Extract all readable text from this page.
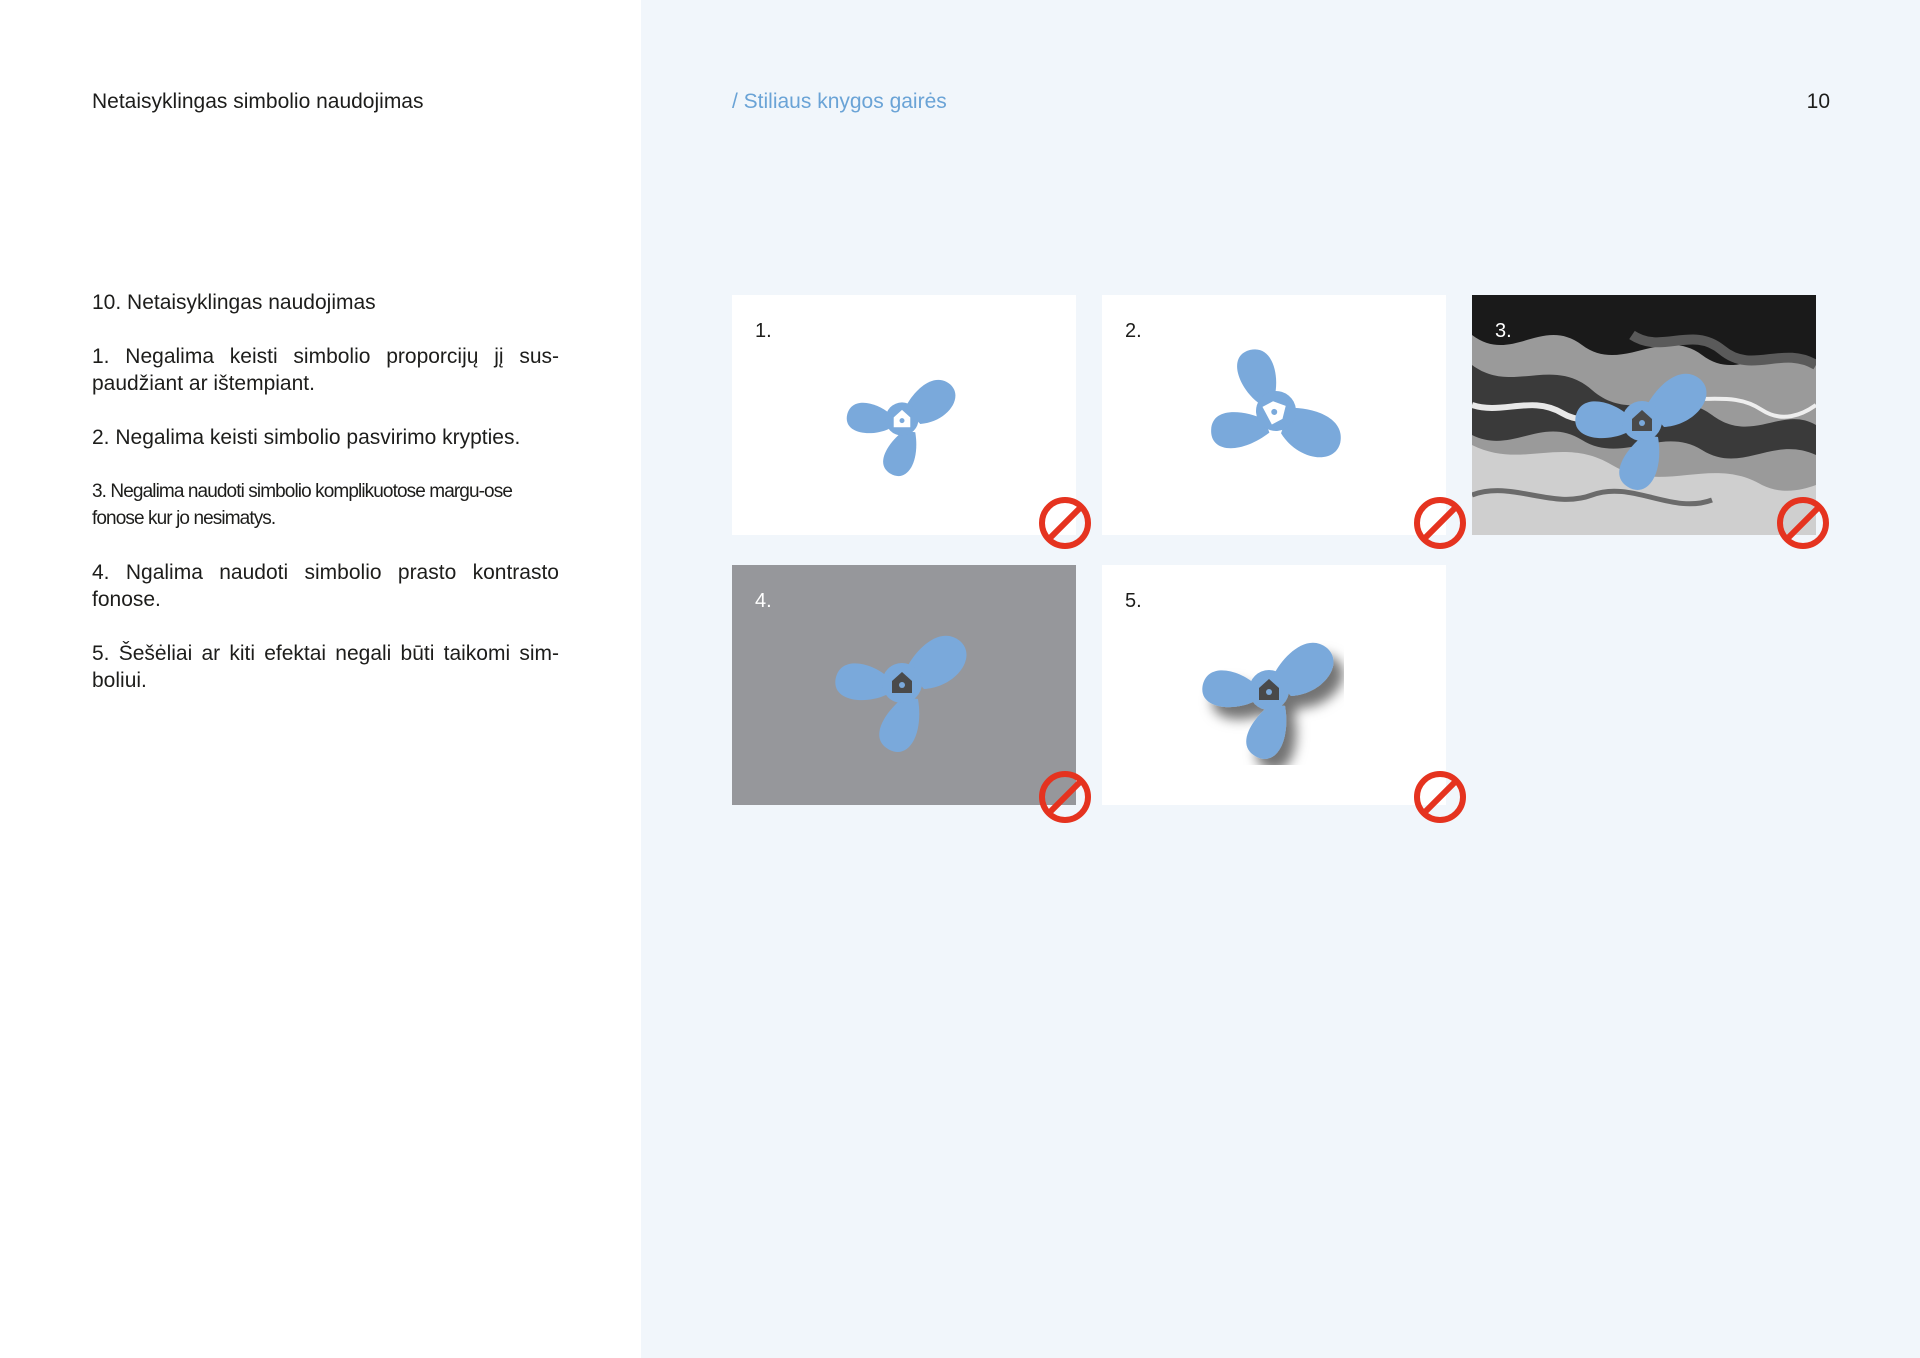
Netaisyklingas simbolio naudojimas	/ Stiliaus knygos gairės	10

10. Netaisyklingas naudojimas

1. Negalima keisti simbolio proporcijų jį sus-paudžiant ar ištempiant.

2. Negalima keisti simbolio pasvirimo krypties.

3. Negalima naudoti simbolio komplikuotose margu-ose fonose kur jo nesimatys.

4. Ngalima naudoti simbolio prasto kontrasto fonose.

5. Šešėliai ar kiti efektai negali būti taikomi sim-boliui.

1.	2.	3.
4.	5.
